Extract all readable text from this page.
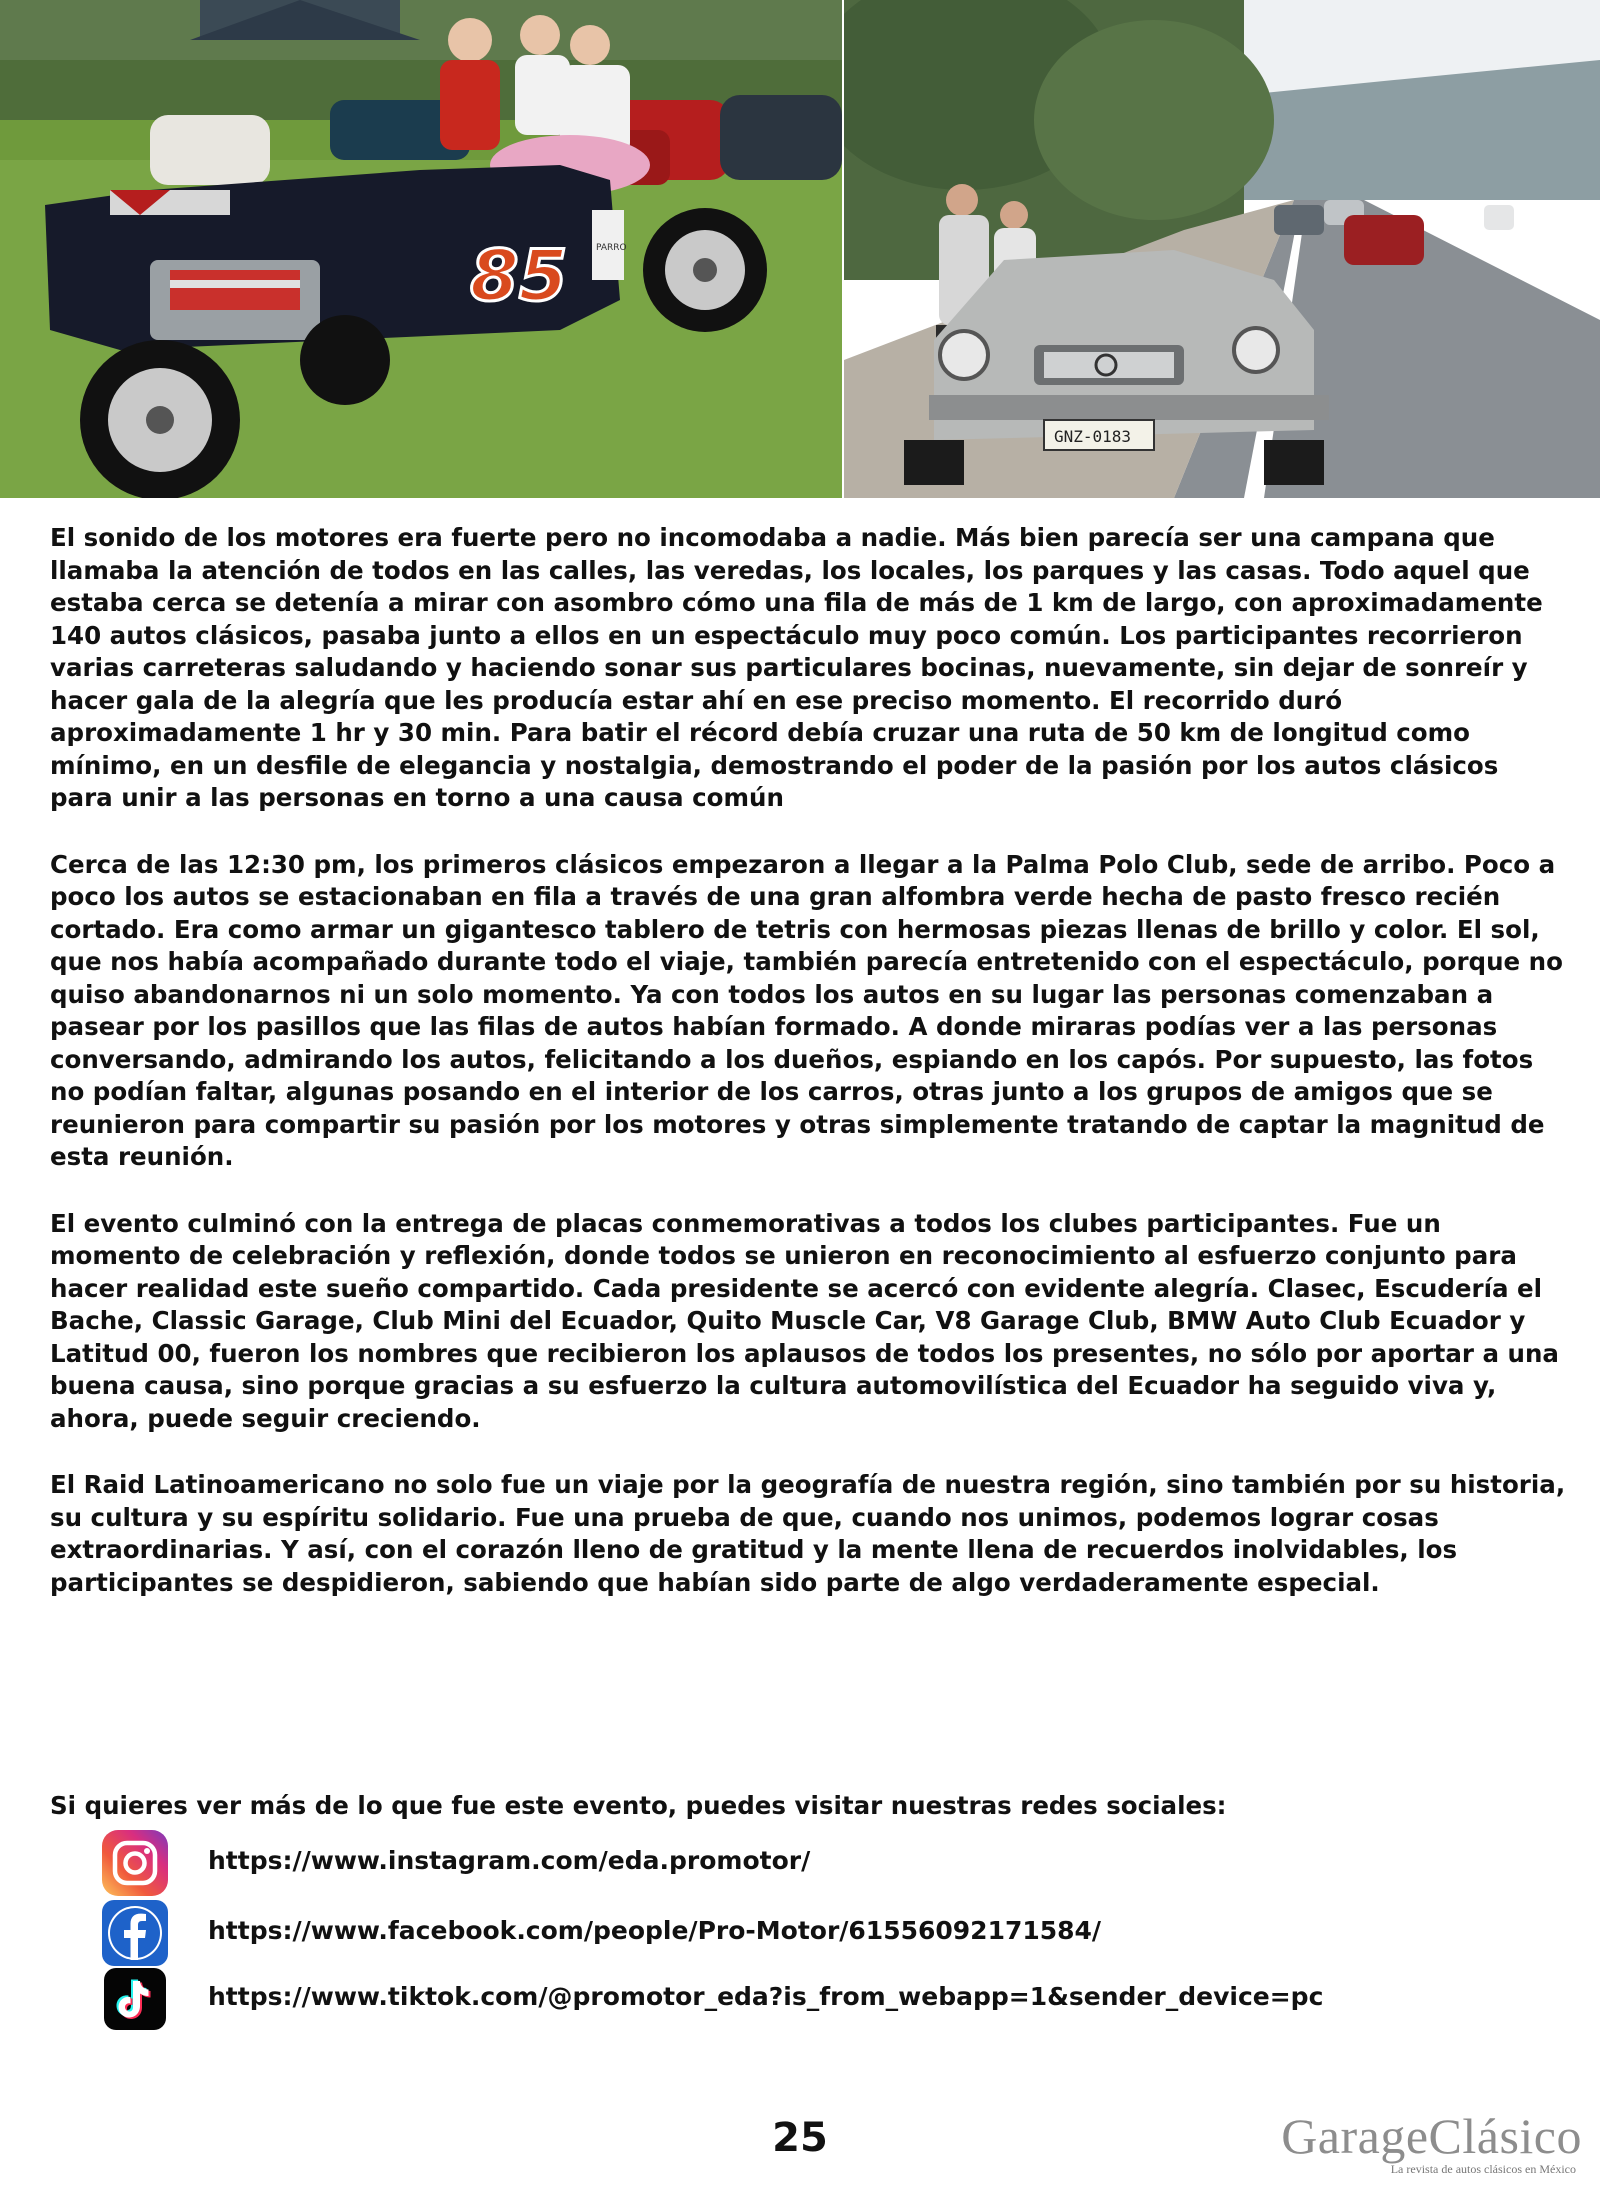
85	PARRO
GNZ-0183

El sonido de los motores era fuerte pero no incomodaba a nadie. Más bien parecía ser una campana que llamaba la atención de todos en las calles, las veredas, los locales, los parques y las casas. Todo aquel que estaba cerca se detenía a mirar con asombro cómo una fila de más de 1 km de largo, con aproximadamente 140 autos clásicos, pasaba junto a ellos en un espectáculo muy poco común. Los participantes recorrieron varias carreteras saludando y haciendo sonar sus particulares bocinas, nuevamente, sin dejar de sonreír y hacer gala de la alegría que les producía estar ahí en ese preciso momento. El recorrido duró aproximadamente 1 hr y 30 min. Para batir el récord debía cruzar una ruta de 50 km de longitud como mínimo, en un desfile de elegancia y nostalgia, demostrando el poder de la pasión por los autos clásicos para unir a las personas en torno a una causa común

Cerca de las 12:30 pm, los primeros clásicos empezaron a llegar a la Palma Polo Club, sede de arribo. Poco a poco los autos se estacionaban en fila a través de una gran alfombra verde hecha de pasto fresco recién cortado. Era como armar un gigantesco tablero de tetris con hermosas piezas llenas de brillo y color. El sol, que nos había acompañado durante todo el viaje, también parecía entretenido con el espectáculo, porque no quiso abandonarnos ni un solo momento. Ya con todos los autos en su lugar las personas comenzaban a pasear por los pasillos que las filas de autos habían formado. A donde miraras podías ver a las personas conversando, admirando los autos, felicitando a los dueños, espiando en los capós. Por supuesto, las fotos no podían faltar, algunas posando en el interior de los carros, otras junto a los grupos de amigos que se reunieron para compartir su pasión por los motores y otras simplemente tratando de captar la magnitud de esta reunión.

El evento culminó con la entrega de placas conmemorativas a todos los clubes participantes. Fue un momento de celebración y reflexión, donde todos se unieron en reconocimiento al esfuerzo conjunto para hacer realidad este sueño compartido. Cada presidente se acercó con evidente alegría. Clasec, Escudería el Bache, Classic Garage, Club Mini del Ecuador, Quito Muscle Car, V8 Garage Club, BMW Auto Club Ecuador y Latitud 00, fueron los nombres que recibieron los aplausos de todos los presentes, no sólo por aportar a una buena causa, sino porque gracias a su esfuerzo la cultura automovilística del Ecuador ha seguido viva y, ahora, puede seguir creciendo.

El Raid Latinoamericano no solo fue un viaje por la geografía de nuestra región, sino también por su historia, su cultura y su espíritu solidario. Fue una prueba de que, cuando nos unimos, podemos lograr cosas extraordinarias. Y así, con el corazón lleno de gratitud y la mente llena de recuerdos inolvidables, los participantes se despidieron, sabiendo que habían sido parte de algo verdaderamente especial.

Si quieres ver más de lo que fue este evento, puedes visitar nuestras redes sociales:
https://www.instagram.com/eda.promotor/
https://www.facebook.com/people/Pro-Motor/61556092171584/
https://www.tiktok.com/@promotor_eda?is_from_webapp=1&sender_device=pc
25	GarageClásico
La revista de autos clásicos en México
